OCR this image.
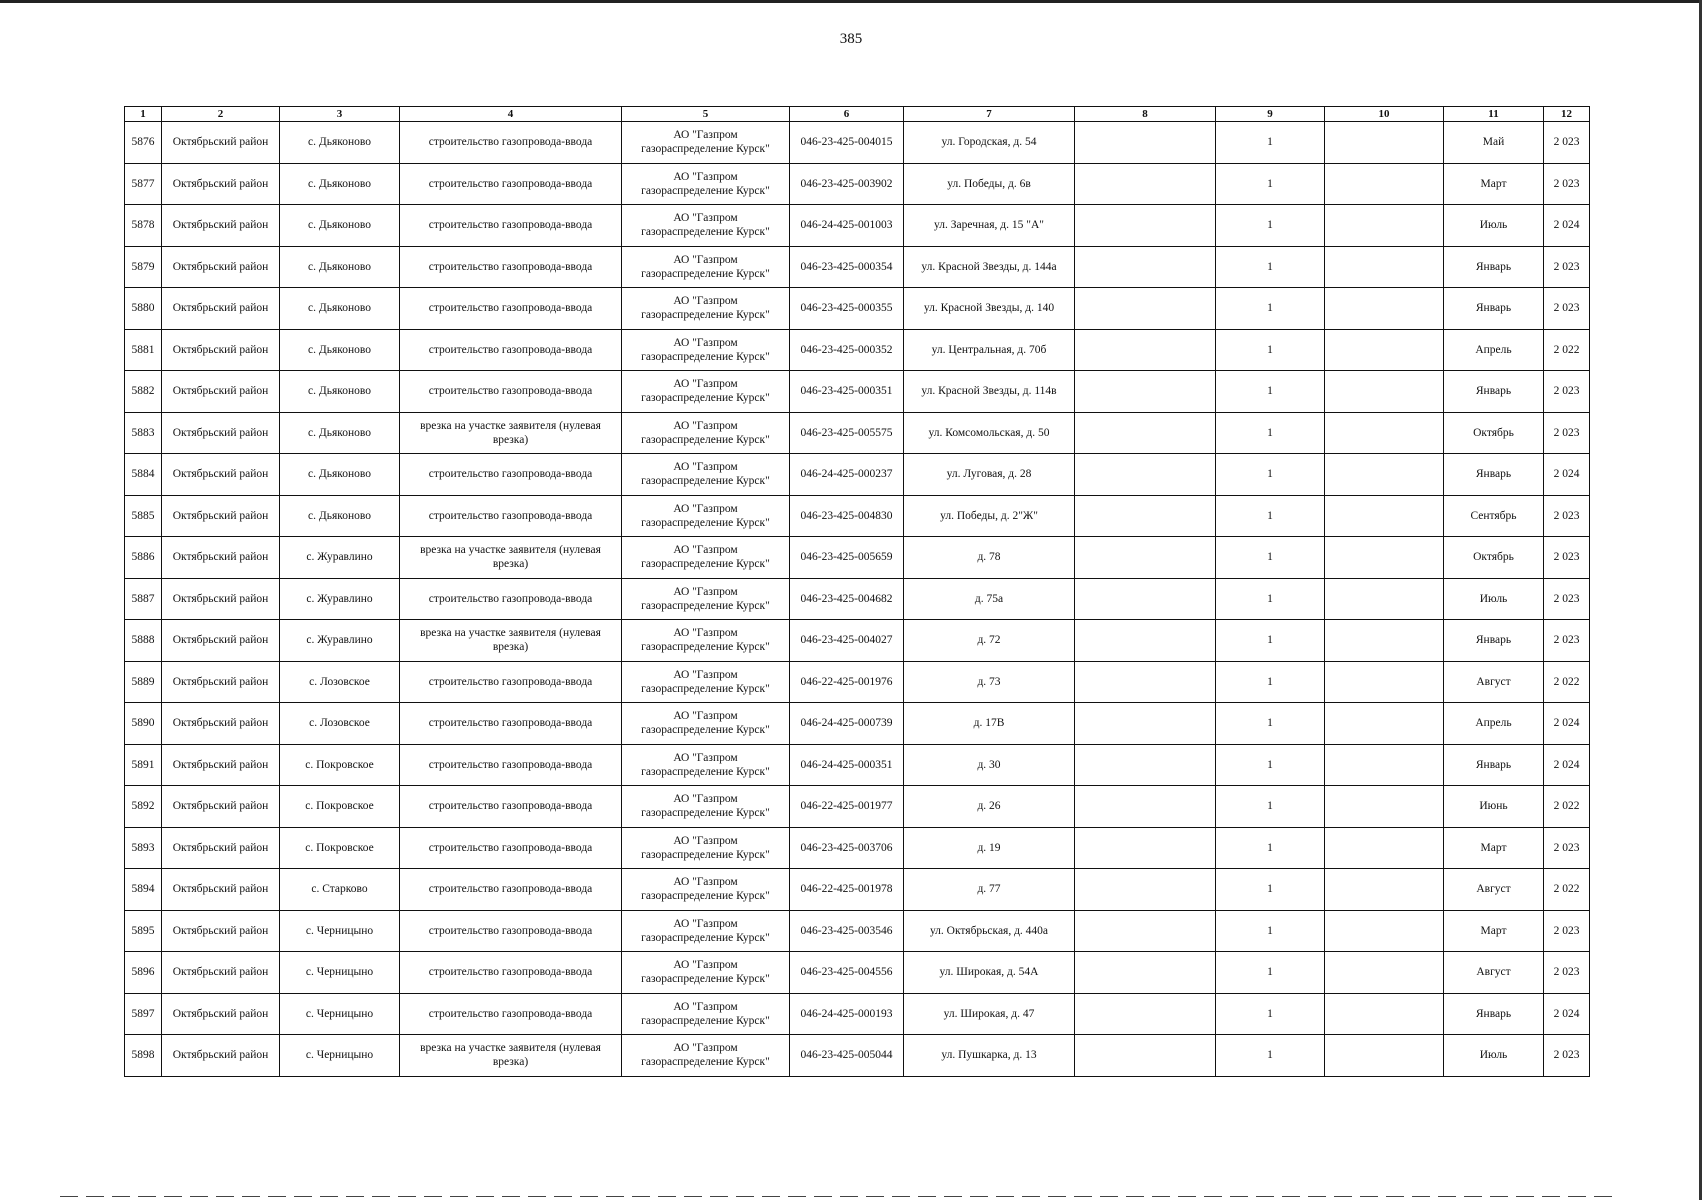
385
1	2	3	4	5	6	7	8	9	10	11	12
5876	Октябрьский район	с. Дьяконово	строительство газопровода-ввода	АО "Газпром
газораспределение Курск"	046-23-425-004015	ул. Городская, д. 54		1		Май	2 023
5877	Октябрьский район	с. Дьяконово	строительство газопровода-ввода	АО "Газпром
газораспределение Курск"	046-23-425-003902	ул. Победы, д. 6в		1		Март	2 023
5878	Октябрьский район	с. Дьяконово	строительство газопровода-ввода	АО "Газпром
газораспределение Курск"	046-24-425-001003	ул. Заречная, д. 15 "А"		1		Июль	2 024
5879	Октябрьский район	с. Дьяконово	строительство газопровода-ввода	АО "Газпром
газораспределение Курск"	046-23-425-000354	ул. Красной Звезды, д. 144а		1		Январь	2 023
5880	Октябрьский район	с. Дьяконово	строительство газопровода-ввода	АО "Газпром
газораспределение Курск"	046-23-425-000355	ул. Красной Звезды, д. 140		1		Январь	2 023
5881	Октябрьский район	с. Дьяконово	строительство газопровода-ввода	АО "Газпром
газораспределение Курск"	046-23-425-000352	ул. Центральная, д. 70б		1		Апрель	2 022
5882	Октябрьский район	с. Дьяконово	строительство газопровода-ввода	АО "Газпром
газораспределение Курск"	046-23-425-000351	ул. Красной Звезды, д. 114в		1		Январь	2 023
5883	Октябрьский район	с. Дьяконово	врезка на участке заявителя (нулевая врезка)	АО "Газпром
газораспределение Курск"	046-23-425-005575	ул. Комсомольская, д. 50		1		Октябрь	2 023
5884	Октябрьский район	с. Дьяконово	строительство газопровода-ввода	АО "Газпром
газораспределение Курск"	046-24-425-000237	ул. Луговая, д. 28		1		Январь	2 024
5885	Октябрьский район	с. Дьяконово	строительство газопровода-ввода	АО "Газпром
газораспределение Курск"	046-23-425-004830	ул. Победы, д. 2"Ж"		1		Сентябрь	2 023
5886	Октябрьский район	с. Журавлино	врезка на участке заявителя (нулевая врезка)	АО "Газпром
газораспределение Курск"	046-23-425-005659	д. 78		1		Октябрь	2 023
5887	Октябрьский район	с. Журавлино	строительство газопровода-ввода	АО "Газпром
газораспределение Курск"	046-23-425-004682	д. 75а		1		Июль	2 023
5888	Октябрьский район	с. Журавлино	врезка на участке заявителя (нулевая врезка)	АО "Газпром
газораспределение Курск"	046-23-425-004027	д. 72		1		Январь	2 023
5889	Октябрьский район	с. Лозовское	строительство газопровода-ввода	АО "Газпром
газораспределение Курск"	046-22-425-001976	д. 73		1		Август	2 022
5890	Октябрьский район	с. Лозовское	строительство газопровода-ввода	АО "Газпром
газораспределение Курск"	046-24-425-000739	д. 17В		1		Апрель	2 024
5891	Октябрьский район	с. Покровское	строительство газопровода-ввода	АО "Газпром
газораспределение Курск"	046-24-425-000351	д. 30		1		Январь	2 024
5892	Октябрьский район	с. Покровское	строительство газопровода-ввода	АО "Газпром
газораспределение Курск"	046-22-425-001977	д. 26		1		Июнь	2 022
5893	Октябрьский район	с. Покровское	строительство газопровода-ввода	АО "Газпром
газораспределение Курск"	046-23-425-003706	д. 19		1		Март	2 023
5894	Октябрьский район	с. Старково	строительство газопровода-ввода	АО "Газпром
газораспределение Курск"	046-22-425-001978	д. 77		1		Август	2 022
5895	Октябрьский район	с. Черницыно	строительство газопровода-ввода	АО "Газпром
газораспределение Курск"	046-23-425-003546	ул. Октябрьская, д. 440а		1		Март	2 023
5896	Октябрьский район	с. Черницыно	строительство газопровода-ввода	АО "Газпром
газораспределение Курск"	046-23-425-004556	ул. Широкая, д. 54А		1		Август	2 023
5897	Октябрьский район	с. Черницыно	строительство газопровода-ввода	АО "Газпром
газораспределение Курск"	046-24-425-000193	ул. Широкая, д. 47		1		Январь	2 024
5898	Октябрьский район	с. Черницыно	врезка на участке заявителя (нулевая врезка)	АО "Газпром
газораспределение Курск"	046-23-425-005044	ул. Пушкарка, д. 13		1		Июль	2 023
